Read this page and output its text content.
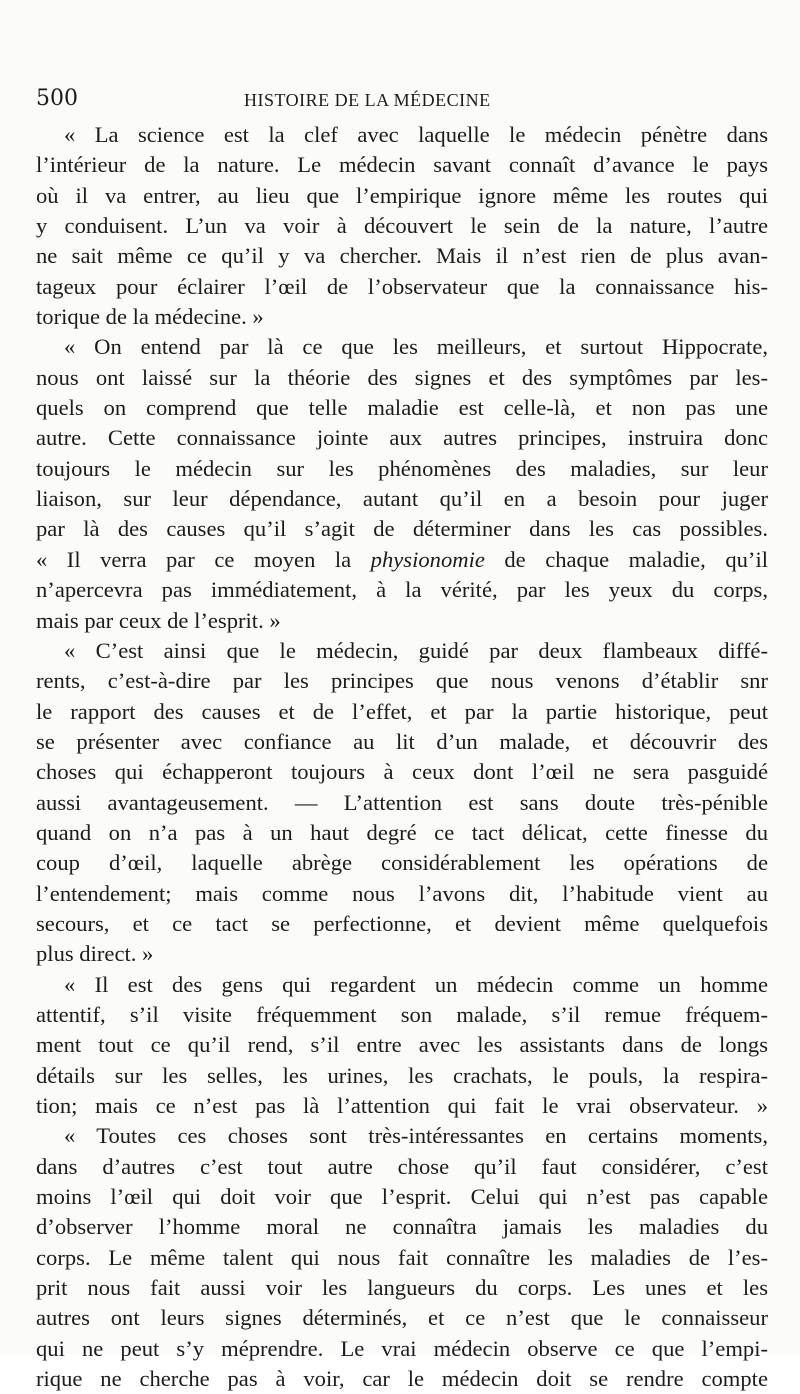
500	HISTOIRE DE LA MÉDECINE
« La science est la clef avec laquelle le médecin pénètre dans
l’intérieur de la nature. Le médecin savant connaît d’avance le pays
où il va entrer, au lieu que l’empirique ignore même les routes qui
y conduisent. L’un va voir à découvert le sein de la nature, l’autre
ne sait même ce qu’il y va chercher. Mais il n’est rien de plus avan-
tageux pour éclairer l’œil de l’observateur que la connaissance his-
torique de la médecine. »
« On entend par là ce que les meilleurs, et surtout Hippocrate,
nous ont laissé sur la théorie des signes et des symptômes par les-
quels on comprend que telle maladie est celle-là, et non pas une
autre. Cette connaissance jointe aux autres principes, instruira donc
toujours le médecin sur les phénomènes des maladies, sur leur
liaison, sur leur dépendance, autant qu’il en a besoin pour juger
par là des causes qu’il s’agit de déterminer dans les cas possibles.
« Il verra par ce moyen la physionomie de chaque maladie, qu’il
n’apercevra pas immédiatement, à la vérité, par les yeux du corps,
mais par ceux de l’esprit. »
« C’est ainsi que le médecin, guidé par deux flambeaux diffé-
rents, c’est-à-dire par les principes que nous venons d’établir snr
le rapport des causes et de l’effet, et par la partie historique, peut
se présenter avec confiance au lit d’un malade, et découvrir des
choses qui échapperont toujours à ceux dont l’œil ne sera pasguidé
aussi avantageusement. — L’attention est sans doute très-pénible
quand on n’a pas à un haut degré ce tact délicat, cette finesse du
coup d’œil, laquelle abrège considérablement les opérations de
l’entendement; mais comme nous l’avons dit, l’habitude vient au
secours, et ce tact se perfectionne, et devient même quelquefois
plus direct. »
« Il est des gens qui regardent un médecin comme un homme
attentif, s’il visite fréquemment son malade, s’il remue fréquem-
ment tout ce qu’il rend, s’il entre avec les assistants dans de longs
détails sur les selles, les urines, les crachats, le pouls, la respira-
tion; mais ce n’est pas là l’attention qui fait le vrai observateur. »
« Toutes ces choses sont très-intéressantes en certains moments,
dans d’autres c’est tout autre chose qu’il faut considérer, c’est
moins l’œil qui doit voir que l’esprit. Celui qui n’est pas capable
d’observer l’homme moral ne connaîtra jamais les maladies du
corps. Le même talent qui nous fait connaître les maladies de l’es-
prit nous fait aussi voir les langueurs du corps. Les unes et les
autres ont leurs signes déterminés, et ce n’est que le connaisseur
qui ne peut s’y méprendre. Le vrai médecin observe ce que l’empi-
rique ne cherche pas à voir, car le médecin doit se rendre compte
